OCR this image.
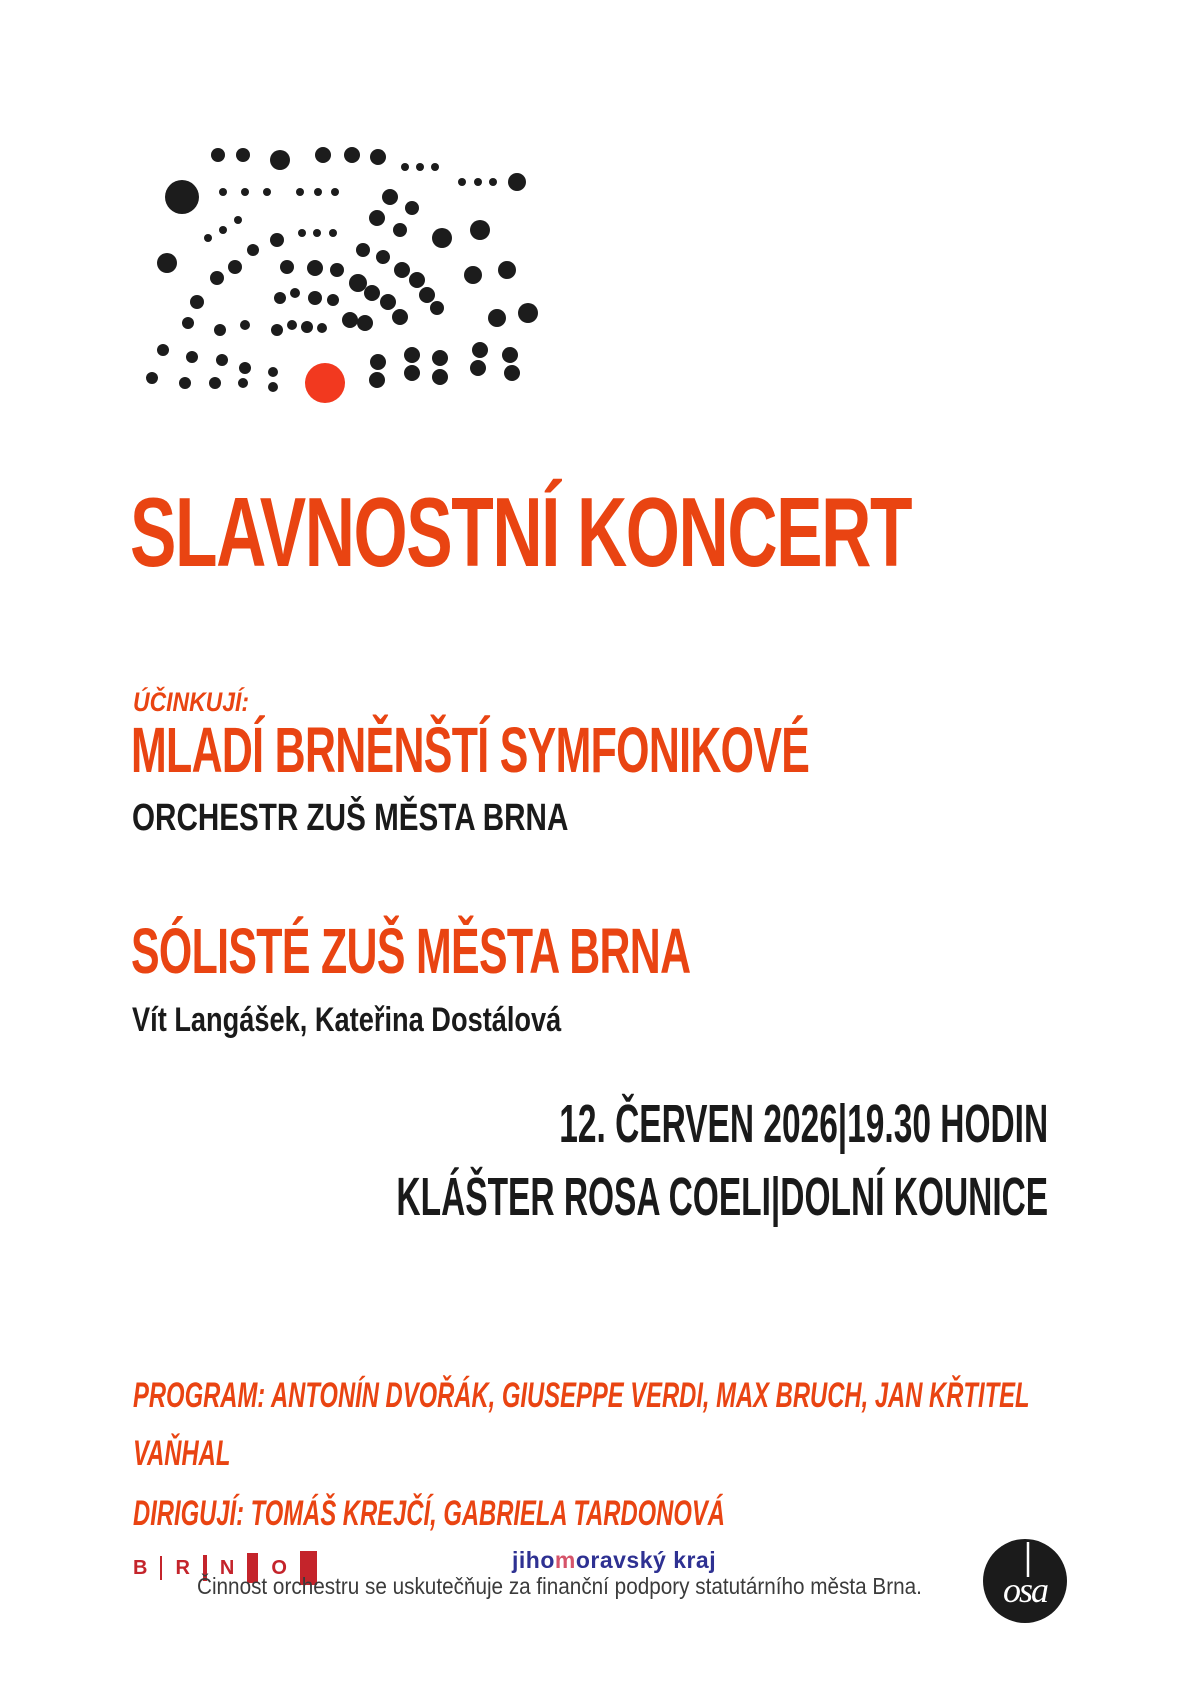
SLAVNOSTNÍ KONCERT
ÚČINKUJÍ:
MLADÍ BRNĚNŠTÍ SYMFONIKOVÉ
ORCHESTR ZUŠ MĚSTA BRNA
SÓLISTÉ ZUŠ MĚSTA BRNA
Vít Langášek, Kateřina Dostálová
12. ČERVEN 2026|19.30 HODIN
KLÁŠTER ROSA COELI|DOLNÍ KOUNICE
PROGRAM: ANTONÍN DVOŘÁK, GIUSEPPE VERDI, MAX BRUCH, JAN KŘTITEL
VAŇHAL
DIRIGUJÍ: TOMÁŠ KREJČÍ, GABRIELA TARDONOVÁ
B R N O	jihomoravský kraj
Činnost orchestru se uskutečňuje za finanční podpory statutárního města Brna.	osa
